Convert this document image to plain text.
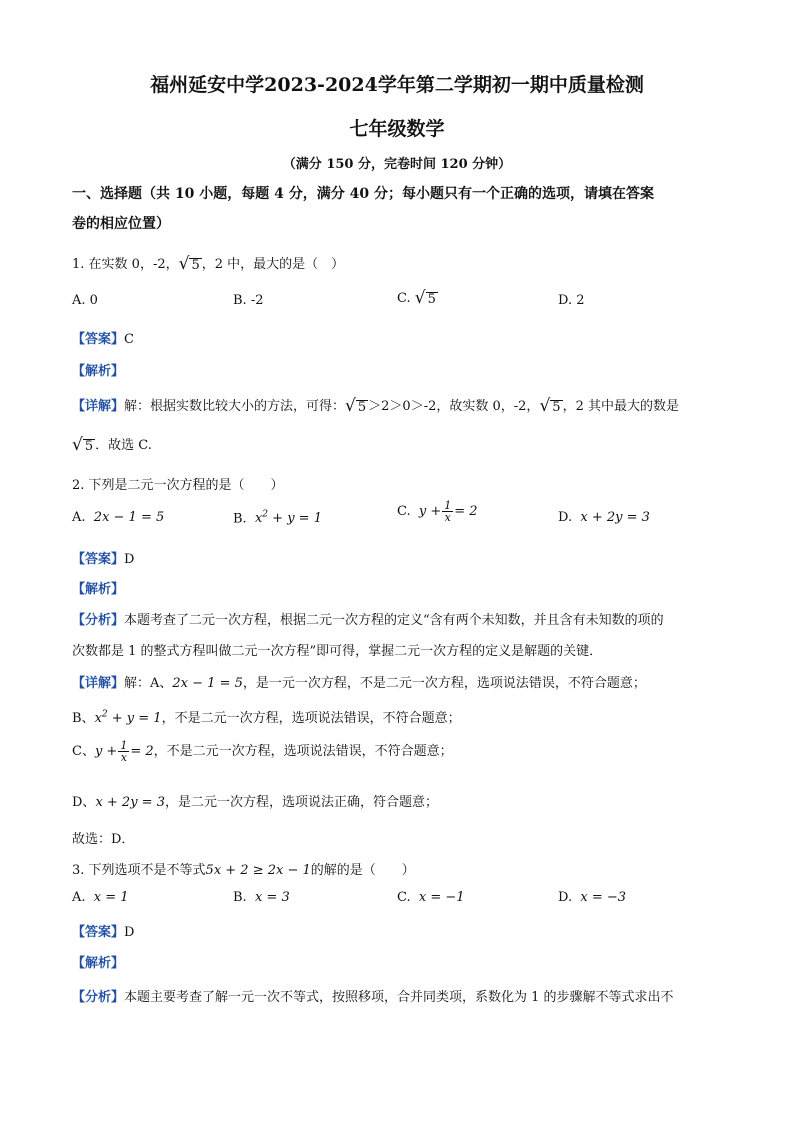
福州延安中学2023-2024学年第二学期初一期中质量检测
七年级数学
（满分 150 分，完卷时间 120 分钟）
一、选择题（共 10 小题，每题 4 分，满分 40 分；每小题只有一个正确的选项，请填在答案
卷的相应位置）
1. 在实数 0，-2， √ 5 ，2 中，最大的是（　）
A. 0	B. -2	C. √ 5	D. 2
【答案】C
【解析】
【详解】解：根据实数比较大小的方法，可得： √ 5 ＞2＞0＞-2，故实数 0，-2， √ 5 ，2 其中最大的数是
√ 5 ．故选 C.
2. 下列是二元一次方程的是（　　）
A. 2x − 1 = 5	B. $x^2 + y = 1$	C. $y + \frac{1}{x} = 2$	D. x + 2y = 3
【答案】D
【解析】
【分析】本题考查了二元一次方程，根据二元一次方程的定义“含有两个未知数，并且含有未知数的项的
次数都是 1 的整式方程叫做二元一次方程”即可得，掌握二元一次方程的定义是解题的关键．
【详解】解：A、2x − 1 = 5，是一元一次方程，不是二元一次方程，选项说法错误，不符合题意；
B、$x^2 + y = 1$，不是二元一次方程，选项说法错误，不符合题意；
C、$y + \frac{1}{x} = 2$，不是二元一次方程，选项说法错误，不符合题意；
D、x + 2y = 3，是二元一次方程，选项说法正确，符合题意；
故选：D．
3. 下列选项不是不等式5x + 2 ≥ 2x − 1的解的是（　　）
A. x = 1	B. x = 3	C. x = −1	D. x = −3
【答案】D
【解析】
【分析】本题主要考查了解一元一次不等式，按照移项，合并同类项，系数化为 1 的步骤解不等式求出不
